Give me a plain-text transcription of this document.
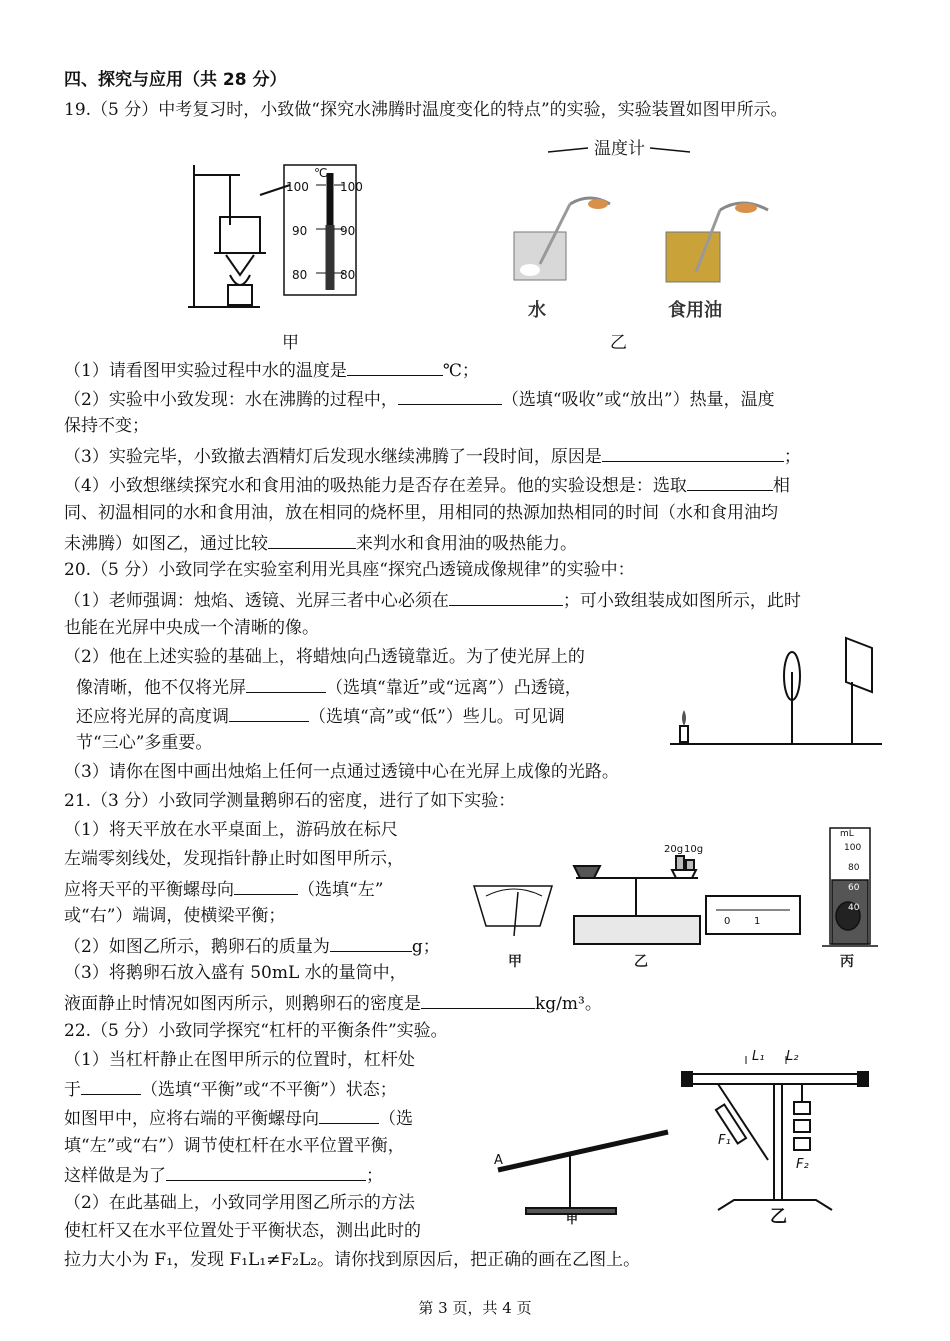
四、探究与应用（共 28 分）
19.（5 分）中考复习时，小致做“探究水沸腾时温度变化的特点”的实验，实验装置如图甲所示。
℃
100	100
90	90
80	80
甲
温度计
水	食用油
乙
（1）请看图甲实验过程中水的温度是	℃；
（2）实验中小致发现：水在沸腾的过程中，	（选填“吸收”或“放出”）热量，温度
保持不变；
（3）实验完毕，小致撤去酒精灯后发现水继续沸腾了一段时间，原因是	；
（4）小致想继续探究水和食用油的吸热能力是否存在差异。他的实验设想是：选取	相
同、初温相同的水和食用油，放在相同的烧杯里，用相同的热源加热相同的时间（水和食用油均
未沸腾）如图乙，通过比较	来判水和食用油的吸热能力。
20.（5 分）小致同学在实验室利用光具座“探究凸透镜成像规律”的实验中：
（1）老师强调：烛焰、透镜、光屏三者中心必须在	；可小致组装成如图所示，此时
也能在光屏中央成一个清晰的像。
（2）他在上述实验的基础上，将蜡烛向凸透镜靠近。为了使光屏上的
像清晰，他不仅将光屏	（选填“靠近”或“远离”）凸透镜，
还应将光屏的高度调	（选填“高”或“低”）些儿。可见调
节“三心”多重要。
（3）请你在图中画出烛焰上任何一点通过透镜中心在光屏上成像的光路。
21.（3 分）小致同学测量鹅卵石的密度，进行了如下实验：
（1）将天平放在水平桌面上，游码放在标尺
左端零刻线处，发现指针静止时如图甲所示，
应将天平的平衡螺母向	（选填“左”
或“右”）端调，使横梁平衡；
（2）如图乙所示，鹅卵石的质量为	g；
（3）将鹅卵石放入盛有 50mL 水的量筒中，
液面静止时情况如图丙所示，则鹅卵石的密度是	kg/m³。
20g 10g
0 1
mL
100
80
60
40
甲	乙	丙
22.（5 分）小致同学探究“杠杆的平衡条件”实验。
（1）当杠杆静止在图甲所示的位置时，杠杆处
于	（选填“平衡”或“不平衡”）状态；
如图甲中，应将右端的平衡螺母向	（选
填“左”或“右”）调节使杠杆在水平位置平衡，
这样做是为了	；
（2）在此基础上，小致同学用图乙所示的方法
使杠杆又在水平位置处于平衡状态，测出此时的
拉力大小为 F₁，发现 F₁L₁≠F₂L₂。请你找到原因后，把正确的画在乙图上。
A
甲
L₁ L₂
F₁
F₂
乙
第 3 页，共 4 页
